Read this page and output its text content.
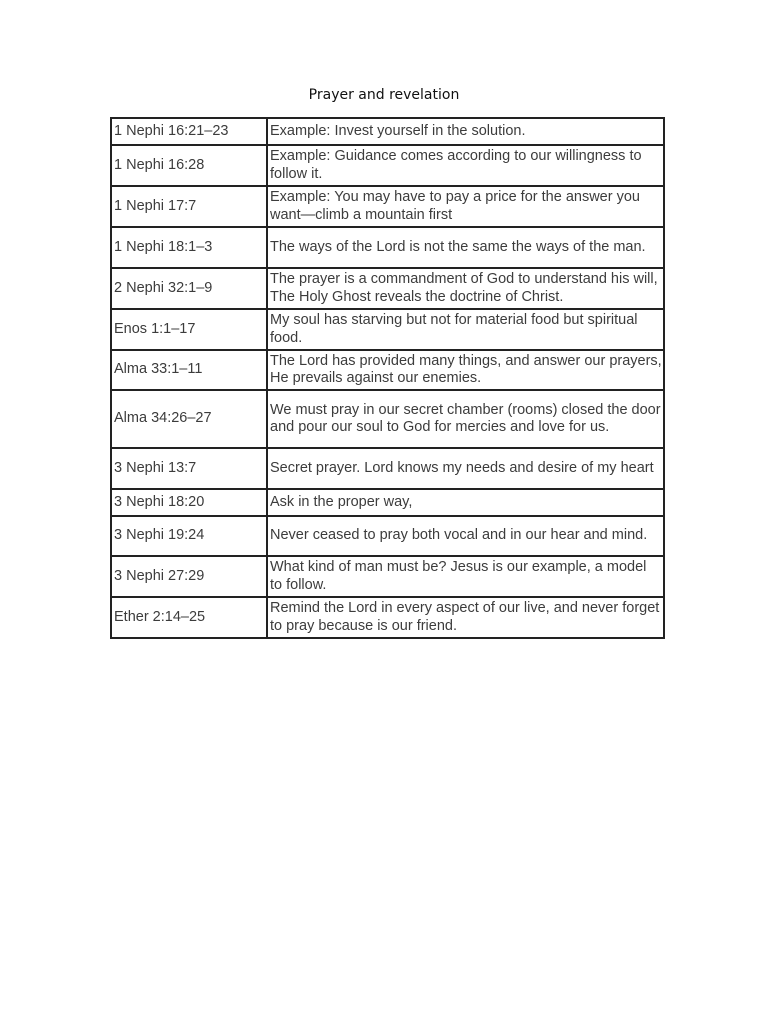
Prayer and revelation
1 Nephi 16:21–23	Example: Invest yourself in the solution.
1 Nephi 16:28	Example: Guidance comes according to our willingness to follow it.
1 Nephi 17:7	Example: You may have to pay a price for the answer you want—climb a mountain first
1 Nephi 18:1–3	The ways of the Lord is not the same the ways of the man.
2 Nephi 32:1–9	The prayer is a commandment of God to understand his will, The Holy Ghost reveals the doctrine of Christ.
Enos 1:1–17	My soul has starving but not for material food but spiritual food.
Alma 33:1–11	The Lord has provided many things, and answer our prayers, He prevails against our enemies.
Alma 34:26–27	We must pray in our secret chamber (rooms) closed the door and pour our soul to God for mercies and love for us.
3 Nephi 13:7	Secret prayer. Lord knows my needs and desire of my heart
3 Nephi 18:20	Ask in the proper way,
3 Nephi 19:24	Never ceased to pray both vocal and in our hear and mind.
3 Nephi 27:29	What kind of man must be? Jesus is our example, a model to follow.
Ether 2:14–25	Remind the Lord in every aspect of our live, and never forget to pray because is our friend.
